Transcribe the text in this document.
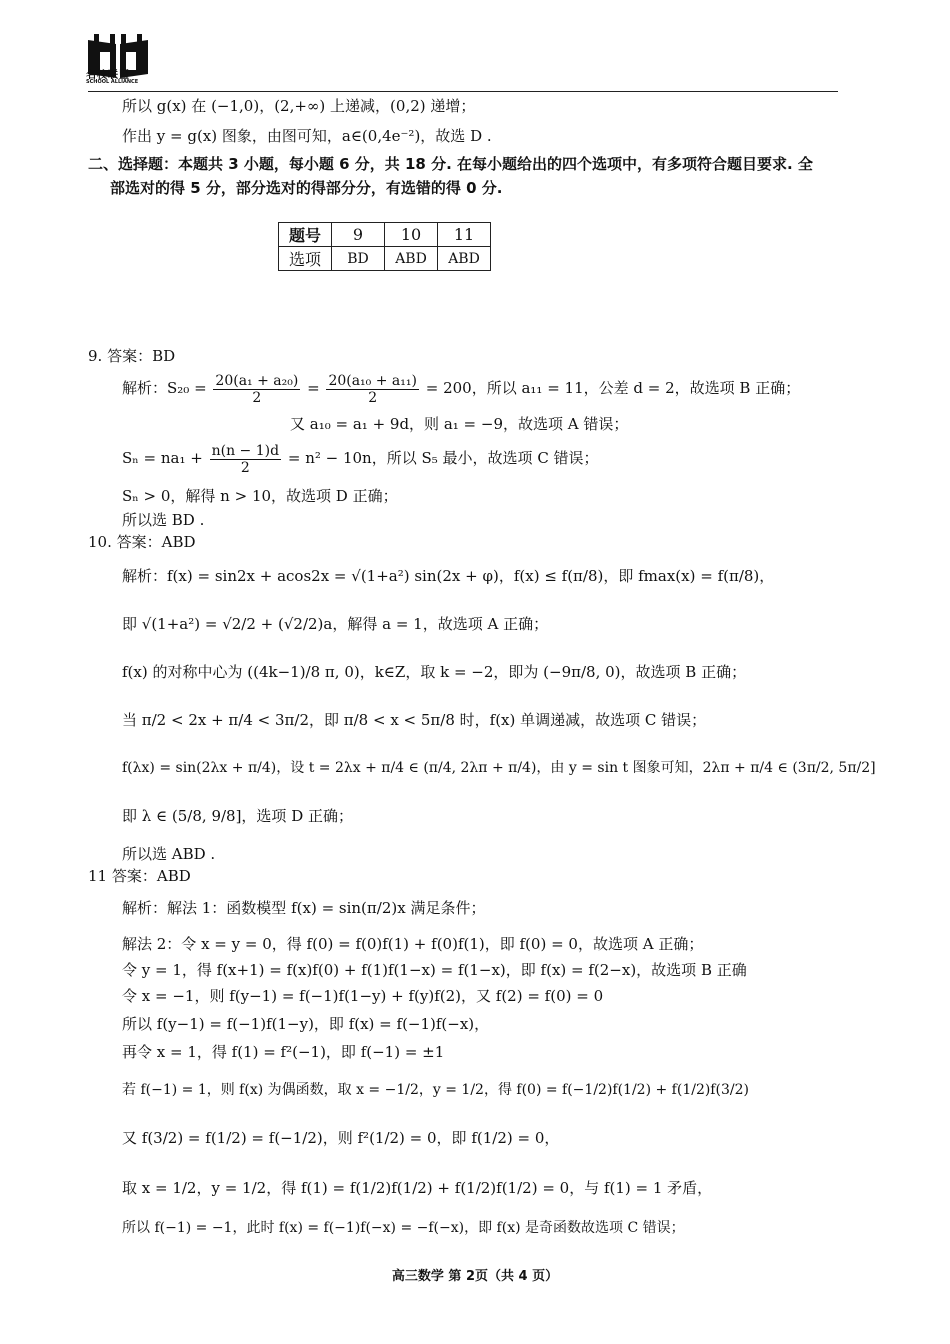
名校联盟
SCHOOL ALLIANCE
所以 g(x) 在 (−1,0)，(2,+∞) 上递减，(0,2) 递增；
作出 y = g(x) 图象，由图可知，a∈(0,4e⁻²)，故选 D .
二、选择题：本题共 3 小题，每小题 6 分，共 18 分. 在每小题给出的四个选项中，有多项符合题目要求. 全
部选对的得 5 分，部分选对的得部分分，有选错的得 0 分.
题号	9	10	11
选项	BD	ABD	ABD
9. 答案：BD
解析：$S_{20} = \frac{\text{20(a₁ + a₂₀)}}{2} = \frac{\text{20(a₁₀ + a₁₁)}}{2} = 200$，所以 a₁₁ = 11，公差 d = 2，故选项 B 正确；
又 a₁₀ = a₁ + 9d，则 a₁ = −9，故选项 A 错误；
$S_n = na_1 + \frac{n(n - 1)d}{2} = n^2 - 10n$，所以 S₅ 最小，故选项 C 错误；
Sₙ > 0，解得 n > 10，故选项 D 正确；
所以选 BD .
10. 答案：ABD
解析：f(x) = sin2x + acos2x = √(1+a²) sin(2x + φ)，f(x) ≤ f(π/8)，即 fmax(x) = f(π/8)，
即 √(1+a²) = √2/2 + (√2/2)a，解得 a = 1，故选项 A 正确；
f(x) 的对称中心为 ((4k−1)/8 π, 0)，k∈Z，取 k = −2，即为 (−9π/8, 0)，故选项 B 正确；
当 π/2 < 2x + π/4 < 3π/2，即 π/8 < x < 5π/8 时，f(x) 单调递减，故选项 C 错误；
f(λx) = sin(2λx + π/4)，设 t = 2λx + π/4 ∈ (π/4, 2λπ + π/4)，由 y = sin t 图象可知，2λπ + π/4 ∈ (3π/2, 5π/2]
即 λ ∈ (5/8, 9/8]，选项 D 正确；
所以选 ABD .
11 答案：ABD
解析：解法 1：函数模型 f(x) = sin(π/2)x 满足条件；
解法 2：令 x = y = 0，得 f(0) = f(0)f(1) + f(0)f(1)，即 f(0) = 0，故选项 A 正确；
令 y = 1，得 f(x+1) = f(x)f(0) + f(1)f(1−x) = f(1−x)，即 f(x) = f(2−x)，故选项 B 正确
令 x = −1，则 f(y−1) = f(−1)f(1−y) + f(y)f(2)，又 f(2) = f(0) = 0
所以 f(y−1) = f(−1)f(1−y)，即 f(x) = f(−1)f(−x)，
再令 x = 1，得 f(1) = f²(−1)，即 f(−1) = ±1
若 f(−1) = 1，则 f(x) 为偶函数，取 x = −1/2，y = 1/2，得 f(0) = f(−1/2)f(1/2) + f(1/2)f(3/2)
又 f(3/2) = f(1/2) = f(−1/2)，则 f²(1/2) = 0，即 f(1/2) = 0，
取 x = 1/2，y = 1/2，得 f(1) = f(1/2)f(1/2) + f(1/2)f(1/2) = 0，与 f(1) = 1 矛盾，
所以 f(−1) = −1，此时 f(x) = f(−1)f(−x) = −f(−x)，即 f(x) 是奇函数故选项 C 错误；
高三数学 第 2页（共 4 页）
